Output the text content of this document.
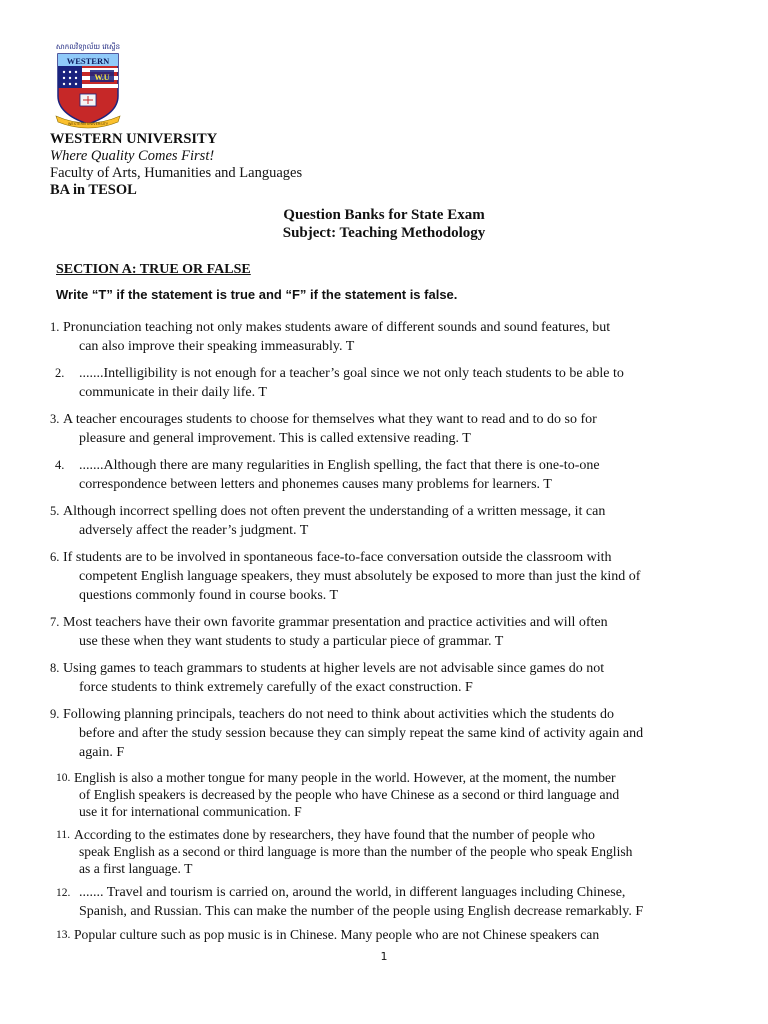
សាកលវិទ្យាល័យ វេស្ទើន
WESTERN
W.U
WESTERN UNIVERSITY
WESTERN UNIVERSITY
Where Quality Comes First!
Faculty of Arts, Humanities and Languages
BA in TESOL
Question Banks for State Exam
Subject: Teaching Methodology
SECTION A: TRUE OR FALSE
Write “T” if the statement is true and “F” if the statement is false.
1. Pronunciation teaching not only makes students aware of different sounds and sound features, but
can also improve their speaking immeasurably. T
2.	.......Intelligibility is not enough for a teacher’s goal since we not only teach students to be able to
communicate in their daily life. T
3. A teacher encourages students to choose for themselves what they want to read and to do so for
pleasure and general improvement. This is called extensive reading. T
4.	.......Although there are many regularities in English spelling, the fact that there is one-to-one
correspondence between letters and phonemes causes many problems for learners. T
5. Although incorrect spelling does not often prevent the understanding of a written message, it can
adversely affect the reader’s judgment. T
6. If students are to be involved in spontaneous face-to-face conversation outside the classroom with
competent English language speakers, they must absolutely be exposed to more than just the kind of
questions commonly found in course books. T
7. Most teachers have their own favorite grammar presentation and practice activities and will often
use these when they want students to study a particular piece of grammar. T
8. Using games to teach grammars to students at higher levels are not advisable since games do not
force students to think extremely carefully of the exact construction. F
9. Following planning principals, teachers do not need to think about activities which the students do
before and after the study session because they can simply repeat the same kind of activity again and
again. F
10. English is also a mother tongue for many people in the world. However, at the moment, the number
of English speakers is decreased by the people who have Chinese as a second or third language and
use it for international communication. F
11. According to the estimates done by researchers, they have found that the number of people who
speak English as a second or third language is more than the number of the people who speak English
as a first language. T
12. ....... Travel and tourism is carried on, around the world, in different languages including Chinese,
Spanish, and Russian. This can make the number of the people using English decrease remarkably. F
13. Popular culture such as pop music is in Chinese. Many people who are not Chinese speakers can
1
